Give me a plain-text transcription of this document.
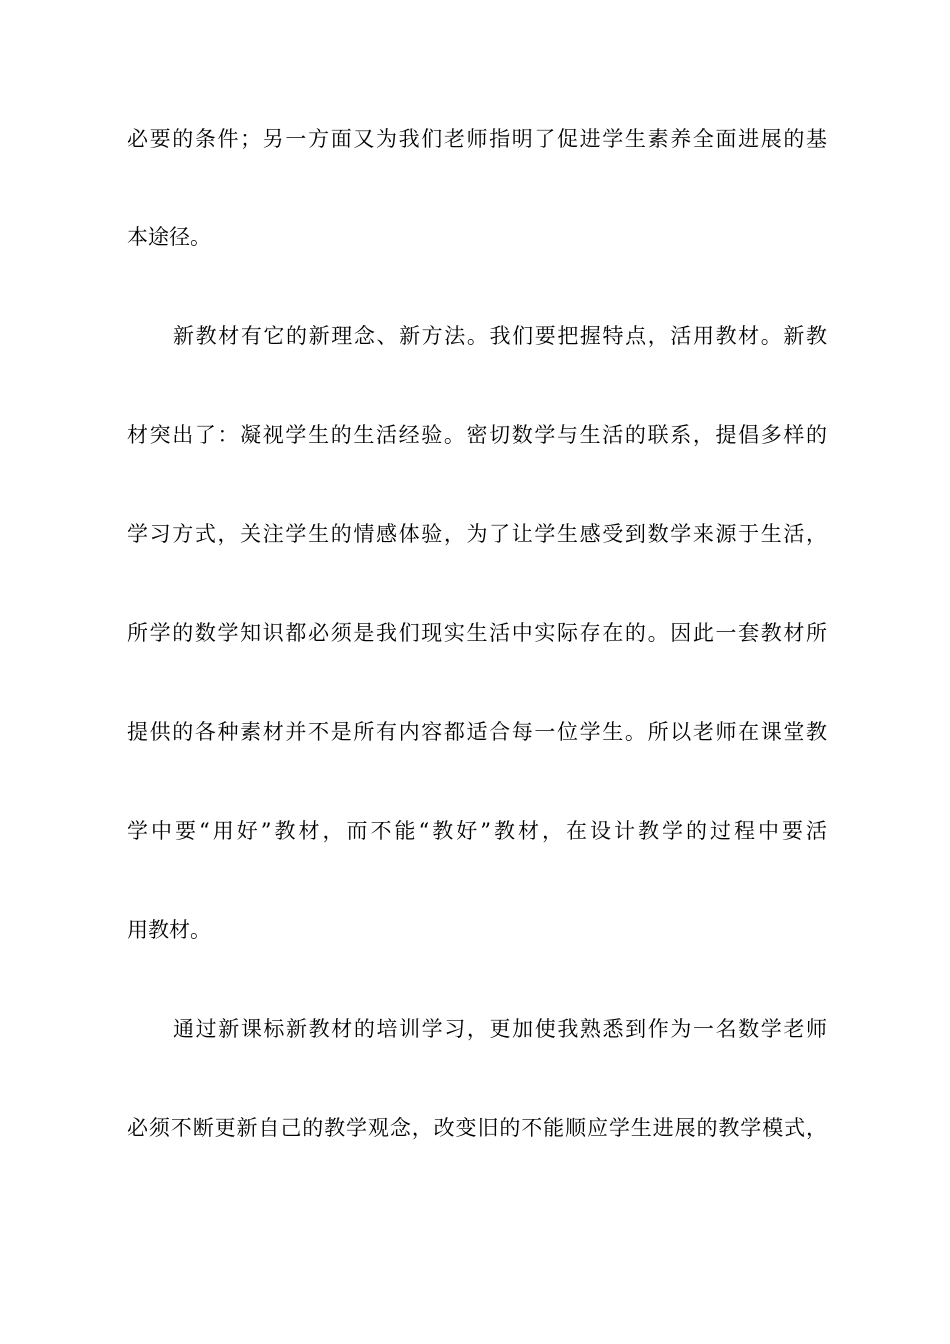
必要的条件；另一方面又为我们老师指明了促进学生素养全面进展的基
本途径。
新教材有它的新理念、新方法。我们要把握特点，活用教材。新教
材突出了：凝视学生的生活经验。密切数学与生活的联系，提倡多样的
学习方式，关注学生的情感体验，为了让学生感受到数学来源于生活，
所学的数学知识都必须是我们现实生活中实际存在的。因此一套教材所
提供的各种素材并不是所有内容都适合每一位学生。所以老师在课堂教
学中要“用好”教材，而不能“教好”教材，在设计教学的过程中要活
用教材。
通过新课标新教材的培训学习，更加使我熟悉到作为一名数学老师
必须不断更新自己的教学观念，改变旧的不能顺应学生进展的教学模式，
